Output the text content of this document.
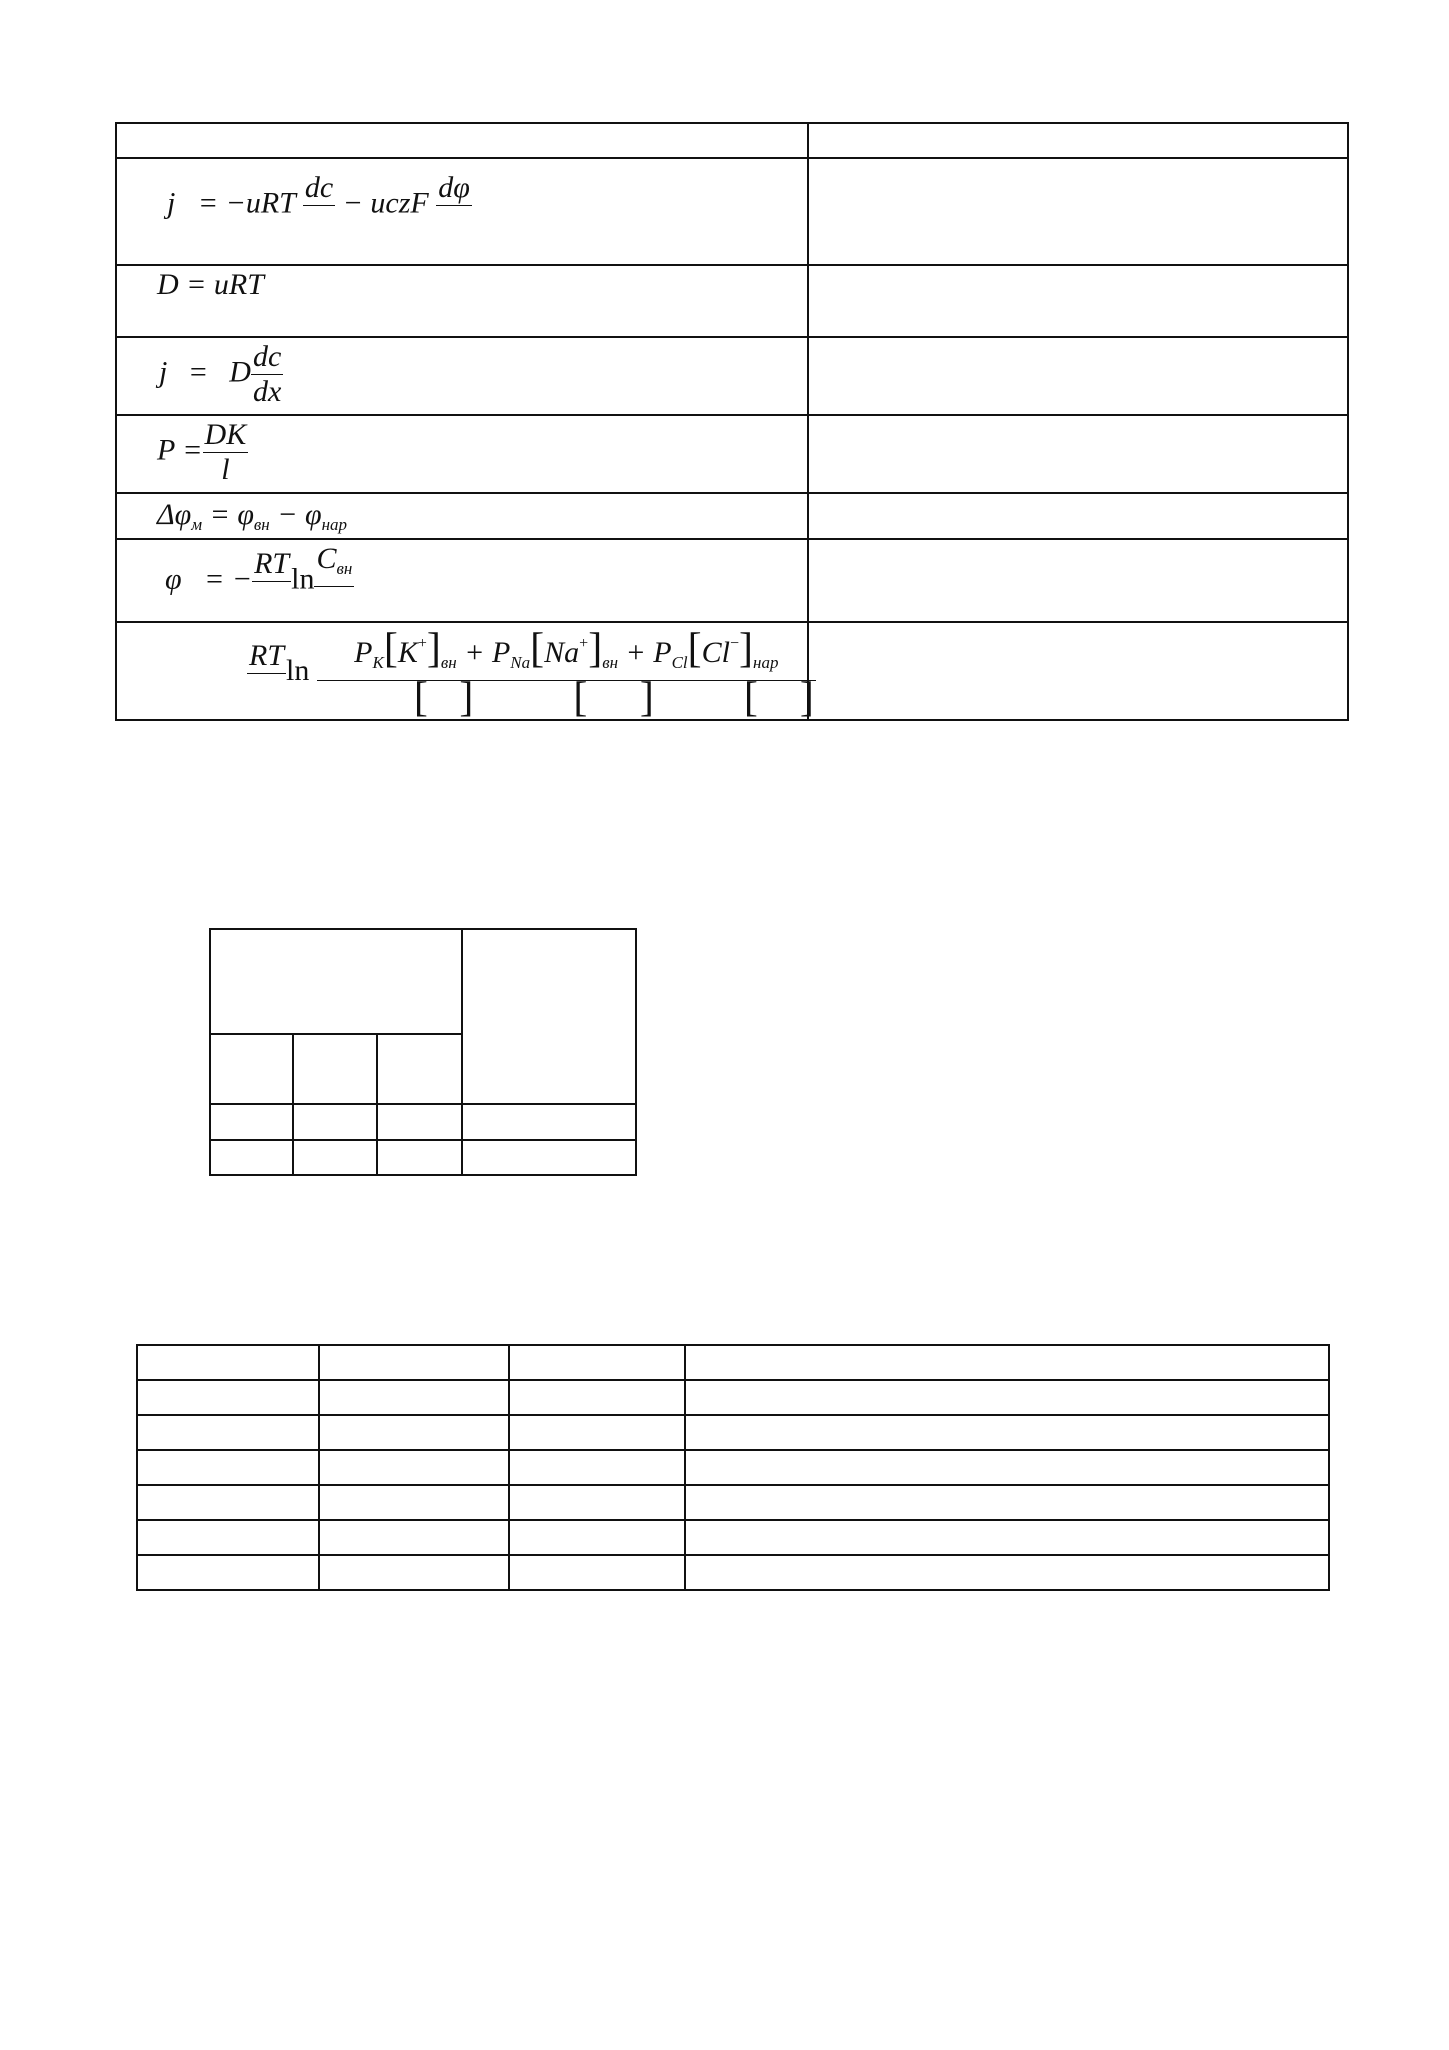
j = −uRT dc
− uczF dφ	

D = uRT	

j = D $\frac{dc}{dx}$

$P = \frac{DK}{l}$

$\Delta\varphi_м = \varphi_{вн} - \varphi_{нар}$

φ = − RT
ln
$C_{вн}$

RT
$\ln \frac{P_K[K^+]_{вн} + P_{Na}[Na^+]_{вн} + P_{Cl}[Cl^-]_{нар}}{[ ] [ ] [ ]}$
